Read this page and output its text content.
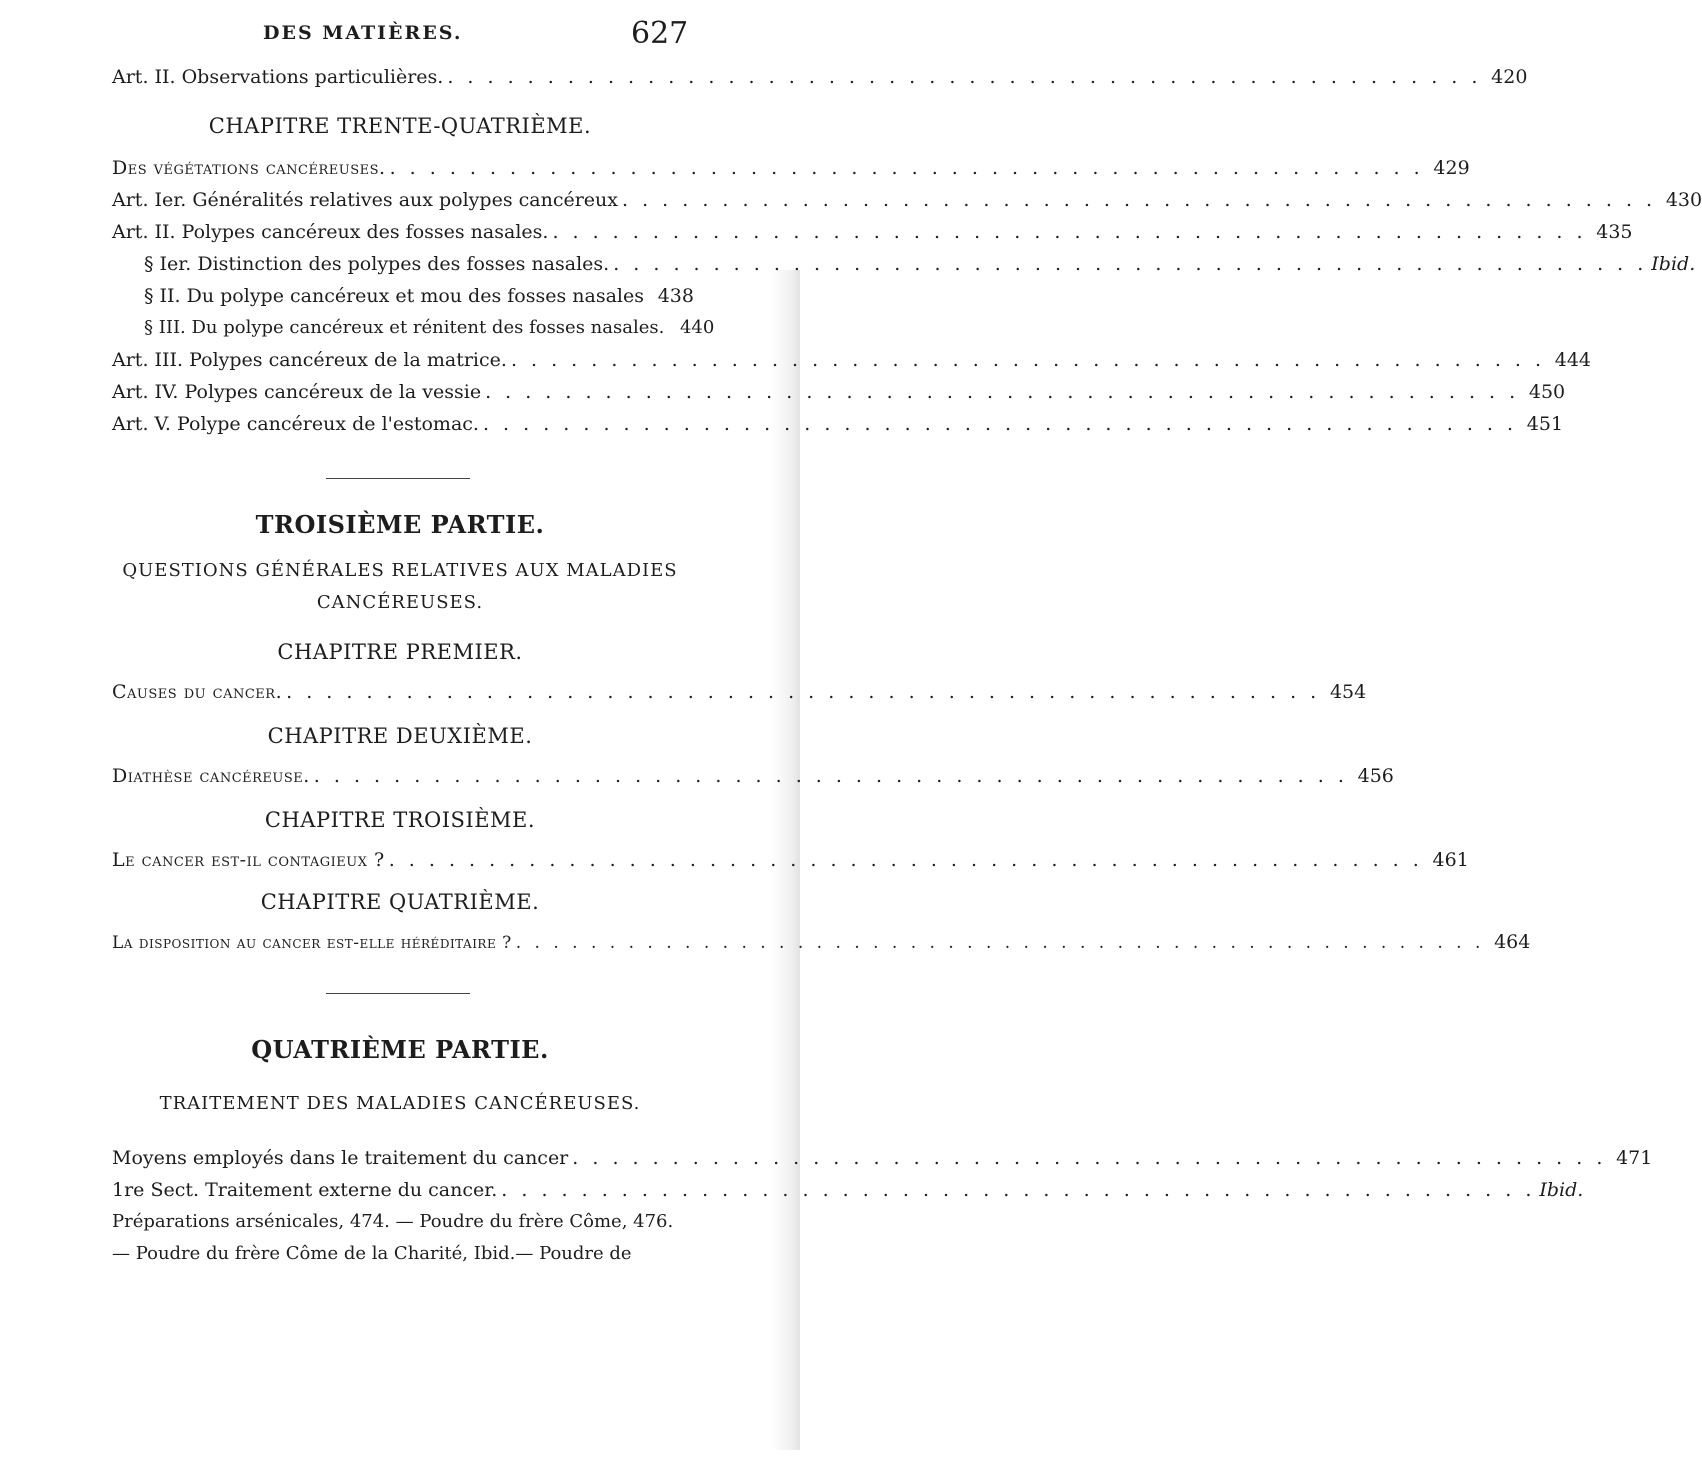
DES MATIÈRES.	627
Art. II. Observations particulières. . . .	420
CHAPITRE TRENTE-QUATRIÈME.
Des végétations cancéreuses. . . .	429
Art. Ier. Généralités relatives aux polypes cancéreux . . .	430
Art. II. Polypes cancéreux des fosses nasales. . . .	435
§ Ier. Distinction des polypes des fosses nasales. . . .	Ibid.
§ II. Du polype cancéreux et mou des fosses nasales 438
§ III. Du polype cancéreux et rénitent des fosses nasales. 440
Art. III. Polypes cancéreux de la matrice. . . .	444
Art. IV. Polypes cancéreux de la vessie . . .	450
Art. V. Polype cancéreux de l'estomac. . . .	451
TROISIÈME PARTIE.
QUESTIONS GÉNÉRALES RELATIVES AUX MALADIES
CANCÉREUSES.
CHAPITRE PREMIER.
Causes du cancer. . . .	454
CHAPITRE DEUXIÈME.
Diathèse cancéreuse. . . .	456
CHAPITRE TROISIÈME.
Le cancer est-il contagieux ? . . .	461
CHAPITRE QUATRIÈME.
La disposition au cancer est-elle héréditaire ? . . .	464
QUATRIÈME PARTIE.
TRAITEMENT DES MALADIES CANCÉREUSES.
Moyens employés dans le traitement du cancer . . .	471
1re Sect. Traitement externe du cancer. . . .	Ibid.
Préparations arsénicales, 474. — Poudre du frère Côme, 476.
— Poudre du frère Côme de la Charité, Ibid.— Poudre de
